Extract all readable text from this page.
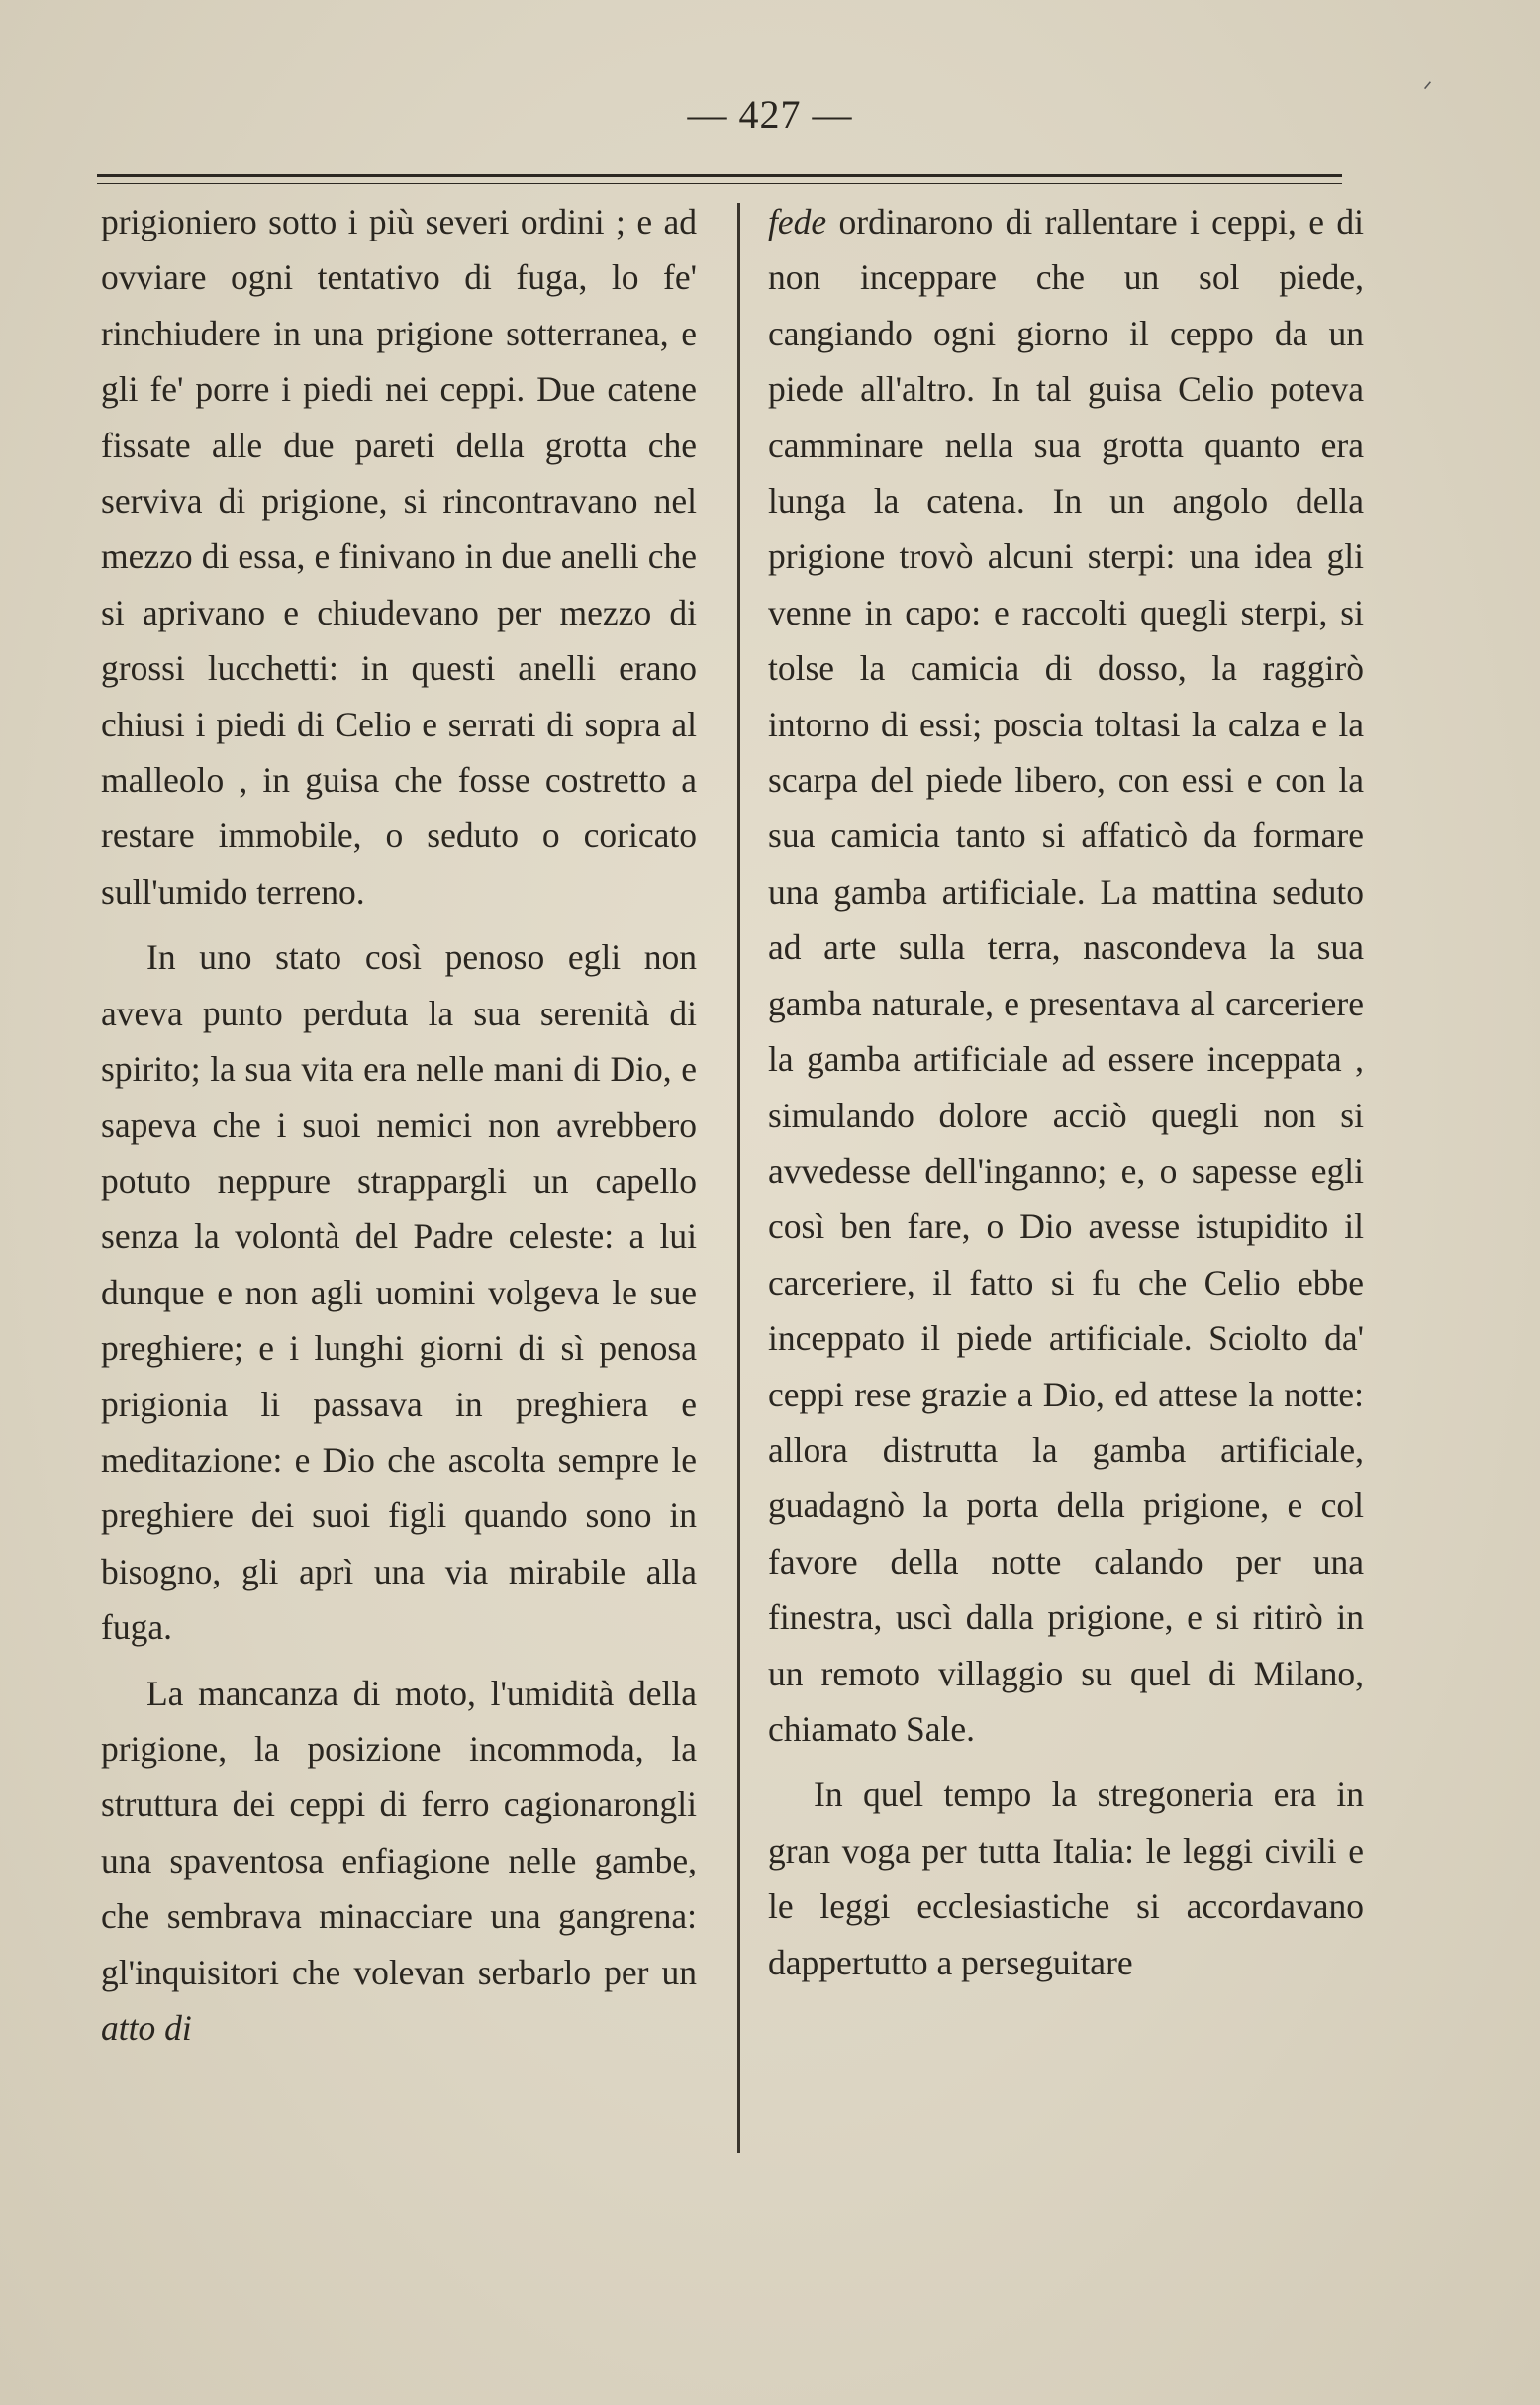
ᐟ
— 427 —

prigioniero sotto i più severi ordini ; e ad ovviare ogni tentativo di fuga, lo fe' rinchiudere in una prigione sotterranea, e gli fe' porre i piedi nei ceppi. Due catene fissate alle due pareti della grotta che serviva di prigione, si rincontravano nel mezzo di essa, e finivano in due anelli che si aprivano e chiudevano per mezzo di grossi lucchetti: in questi anelli erano chiusi i piedi di Celio e serrati di sopra al malleolo , in guisa che fosse costretto a restare immobile, o seduto o coricato sull'umido terreno.

In uno stato così penoso egli non aveva punto perduta la sua serenità di spirito; la sua vita era nelle mani di Dio, e sapeva che i suoi nemici non avrebbero potuto neppure strappargli un capello senza la volontà del Padre celeste: a lui dunque e non agli uomini volgeva le sue preghiere; e i lunghi giorni di sì penosa prigionia li passava in preghiera e meditazione: e Dio che ascolta sempre le preghiere dei suoi figli quando sono in bisogno, gli aprì una via mirabile alla fuga.

La mancanza di moto, l'umidità della prigione, la posizione incommoda, la struttura dei ceppi di ferro cagionarongli una spaventosa enfiagione nelle gambe, che sembrava minacciare una gangrena: gl'inquisitori che volevan serbarlo per un atto di

fede ordinarono di rallentare i ceppi, e di non inceppare che un sol piede, cangiando ogni giorno il ceppo da un piede all'altro. In tal guisa Celio poteva camminare nella sua grotta quanto era lunga la catena. In un angolo della prigione trovò alcuni sterpi: una idea gli venne in capo: e raccolti quegli sterpi, si tolse la camicia di dosso, la raggirò intorno di essi; poscia toltasi la calza e la scarpa del piede libero, con essi e con la sua camicia tanto si affaticò da formare una gamba artificiale. La mattina seduto ad arte sulla terra, nascondeva la sua gamba naturale, e presentava al carceriere la gamba artificiale ad essere inceppata , simulando dolore acciò quegli non si avvedesse dell'inganno; e, o sapesse egli così ben fare, o Dio avesse istupidito il carceriere, il fatto si fu che Celio ebbe inceppato il piede artificiale. Sciolto da' ceppi rese grazie a Dio, ed attese la notte: allora distrutta la gamba artificiale, guadagnò la porta della prigione, e col favore della notte calando per una finestra, uscì dalla prigione, e si ritirò in un remoto villaggio su quel di Milano, chiamato Sale.

In quel tempo la stregoneria era in gran voga per tutta Italia: le leggi civili e le leggi ecclesiastiche si accordavano dappertutto a perseguitare
